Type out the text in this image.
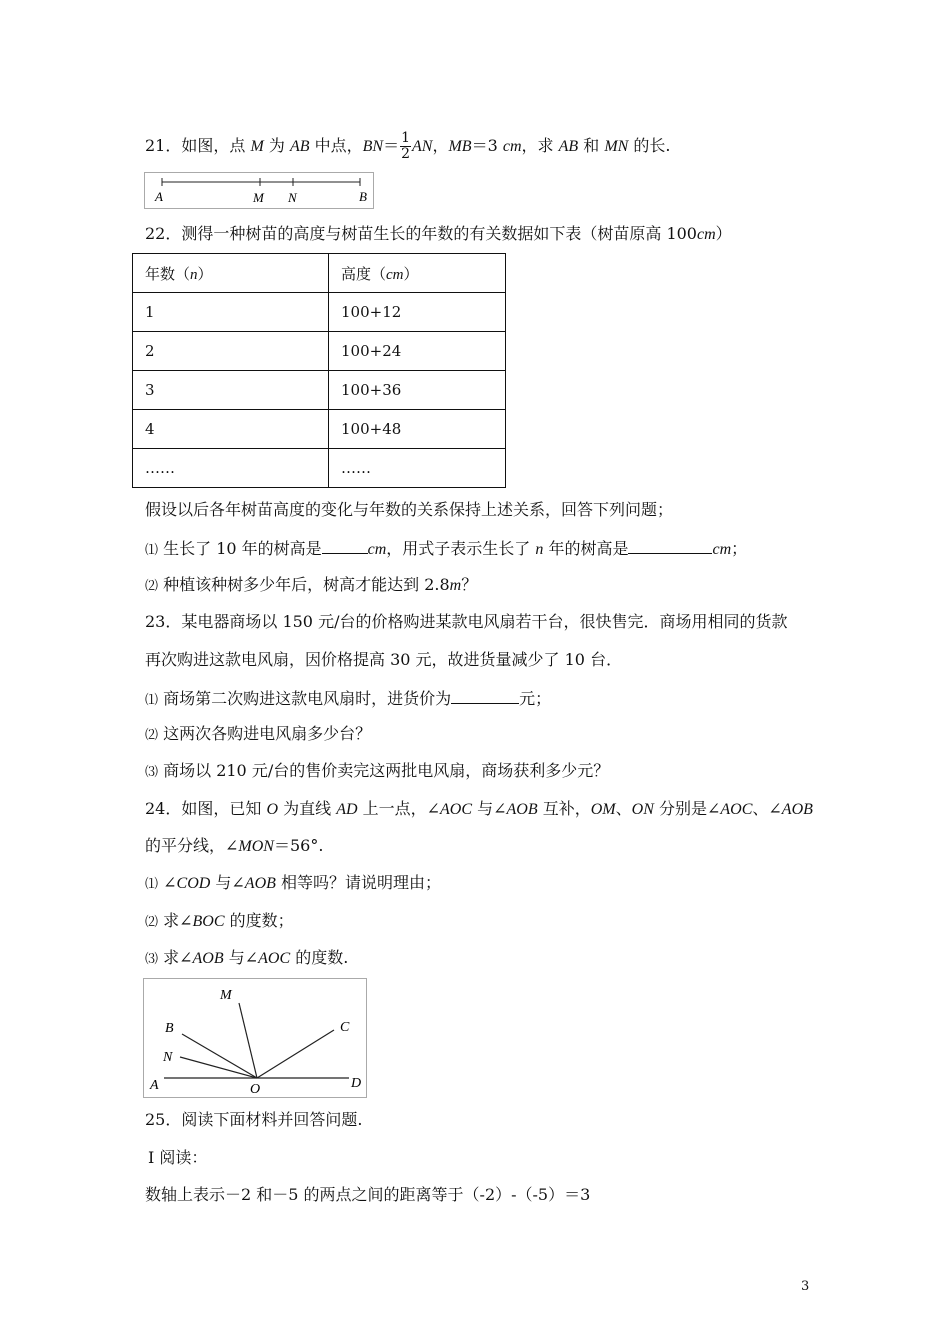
21．如图，点 M 为 AB 中点，$BN= \frac{1}{2}$ AN，MB＝3 cm，求 AB 和 MN 的长.
A	M N	B
22．测得一种树苗的高度与树苗生长的年数的有关数据如下表（树苗原高 100cm）
年数（n）	高度（cm）
1	100+12
2	100+24
3	100+36
4	100+48
……	……
假设以后各年树苗高度的变化与年数的关系保持上述关系，回答下列问题；
⑴ 生长了 10 年的树高是	cm，用式子表示生长了 n 年的树高是	cm；
⑵ 种植该种树多少年后，树高才能达到 2.8m？
23．某电器商场以 150 元/台的价格购进某款电风扇若干台，很快售完．商场用相同的货款
再次购进这款电风扇，因价格提高 30 元，故进货量减少了 10 台．
⑴ 商场第二次购进这款电风扇时，进货价为	元；
⑵ 这两次各购进电风扇多少台？
⑶ 商场以 210 元/台的售价卖完这两批电风扇，商场获利多少元？
24．如图，已知 O 为直线 AD 上一点，∠AOC 与∠AOB 互补，OM、ON 分别是∠AOC、∠AOB
的平分线，∠MON＝56°.
⑴ ∠COD 与∠AOB 相等吗？请说明理由；
⑵ 求∠BOC 的度数；
⑶ 求∠AOB 与∠AOC 的度数.
M
B	C
N
A	O	D
25．阅读下面材料并回答问题.
Ⅰ 阅读：
数轴上表示－2 和－5 的两点之间的距离等于（-2）-（-5）＝3
3
